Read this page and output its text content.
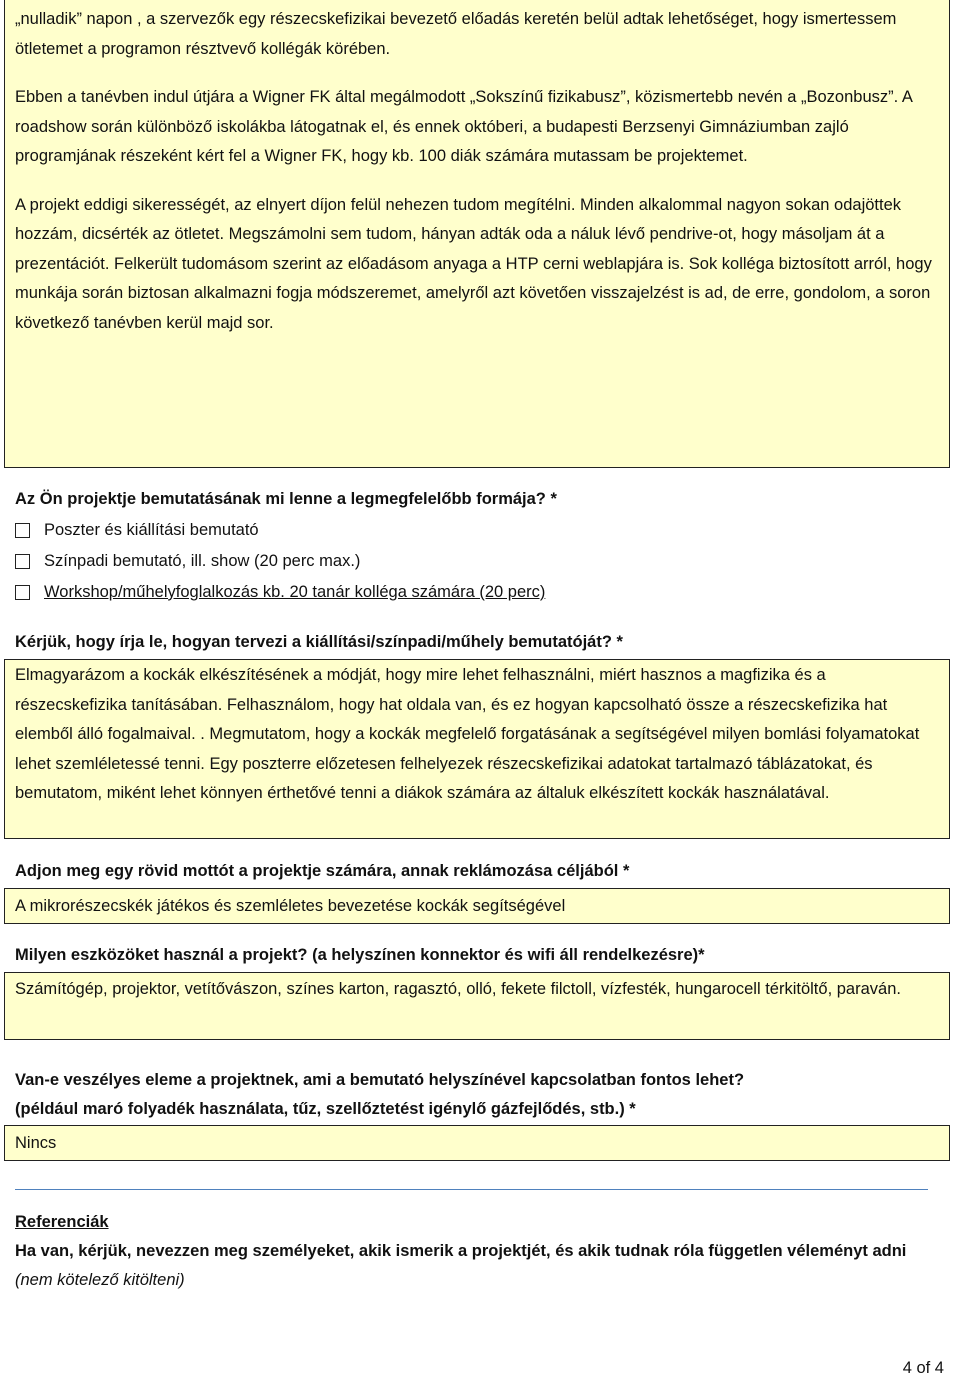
„nulladik” napon , a szervezők egy részecskefizikai bevezető előadás keretén belül adtak lehetőséget, hogy ismertessem ötletemet a programon résztvevő kollégák körében.

Ebben a tanévben indul útjára a Wigner FK által megálmodott „Sokszínű fizikabusz”, közismertebb nevén a „Bozonbusz”. A roadshow során különböző iskolákba látogatnak el, és ennek októberi, a budapesti Berzsenyi Gimnáziumban zajló programjának részeként kért fel a Wigner FK, hogy kb. 100 diák számára mutassam be projektemet.

A projekt eddigi sikerességét, az elnyert díjon felül nehezen tudom megítélni. Minden alkalommal nagyon sokan odajöttek hozzám, dicsérték az ötletet. Megszámolni sem tudom, hányan adták oda a náluk lévő pendrive-ot, hogy másoljam át a prezentációt. Felkerült tudomásom szerint az előadásom anyaga a HTP cerni weblapjára is. Sok kolléga biztosított arról, hogy munkája során biztosan alkalmazni fogja módszeremet, amelyről azt követően visszajelzést is ad, de erre, gondolom, a soron következő tanévben kerül majd sor.

Az Ön projektje bemutatásának mi lenne a legmegfelelőbb formája? *

Poszter és kiállítási bemutató
Színpadi bemutató, ill. show (20 perc max.)
Workshop/műhelyfoglalkozás kb. 20 tanár kolléga számára (20 perc)

Kérjük, hogy írja le, hogyan tervezi a kiállítási/színpadi/műhely bemutatóját? *

Elmagyarázom a kockák elkészítésének a módját, hogy mire lehet felhasználni, miért hasznos a magfizika és a részecskefizika tanításában. Felhasználom, hogy hat oldala van, és ez hogyan kapcsolható össze a részecskefizika hat elemből álló fogalmaival. . Megmutatom, hogy a kockák megfelelő forgatásának a segítségével milyen bomlási folyamatokat lehet szemléletessé tenni. Egy poszterre előzetesen felhelyezek részecskefizikai adatokat tartalmazó táblázatokat, és bemutatom, miként lehet könnyen érthetővé tenni a diákok számára az általuk elkészített kockák használatával.

Adjon meg egy rövid mottót a projektje számára, annak reklámozása céljából *

A mikrorészecskék játékos és szemléletes bevezetése kockák segítségével

Milyen eszközöket használ a projekt? (a helyszínen konnektor és wifi áll rendelkezésre)*

Számítógép, projektor, vetítővászon, színes karton, ragasztó, olló, fekete filctoll, vízfesték, hungarocell térkitöltő, paraván.

Van-e veszélyes eleme a projektnek, ami a bemutató helyszínével kapcsolatban fontos lehet?

(például maró folyadék használata, tűz, szellőztetést igénylő gázfejlődés, stb.) *

Nincs

Referenciák

Ha van, kérjük, nevezzen meg személyeket, akik ismerik a projektjét, és akik tudnak róla független véleményt adni (nem kötelező kitölteni)

4 of 4
